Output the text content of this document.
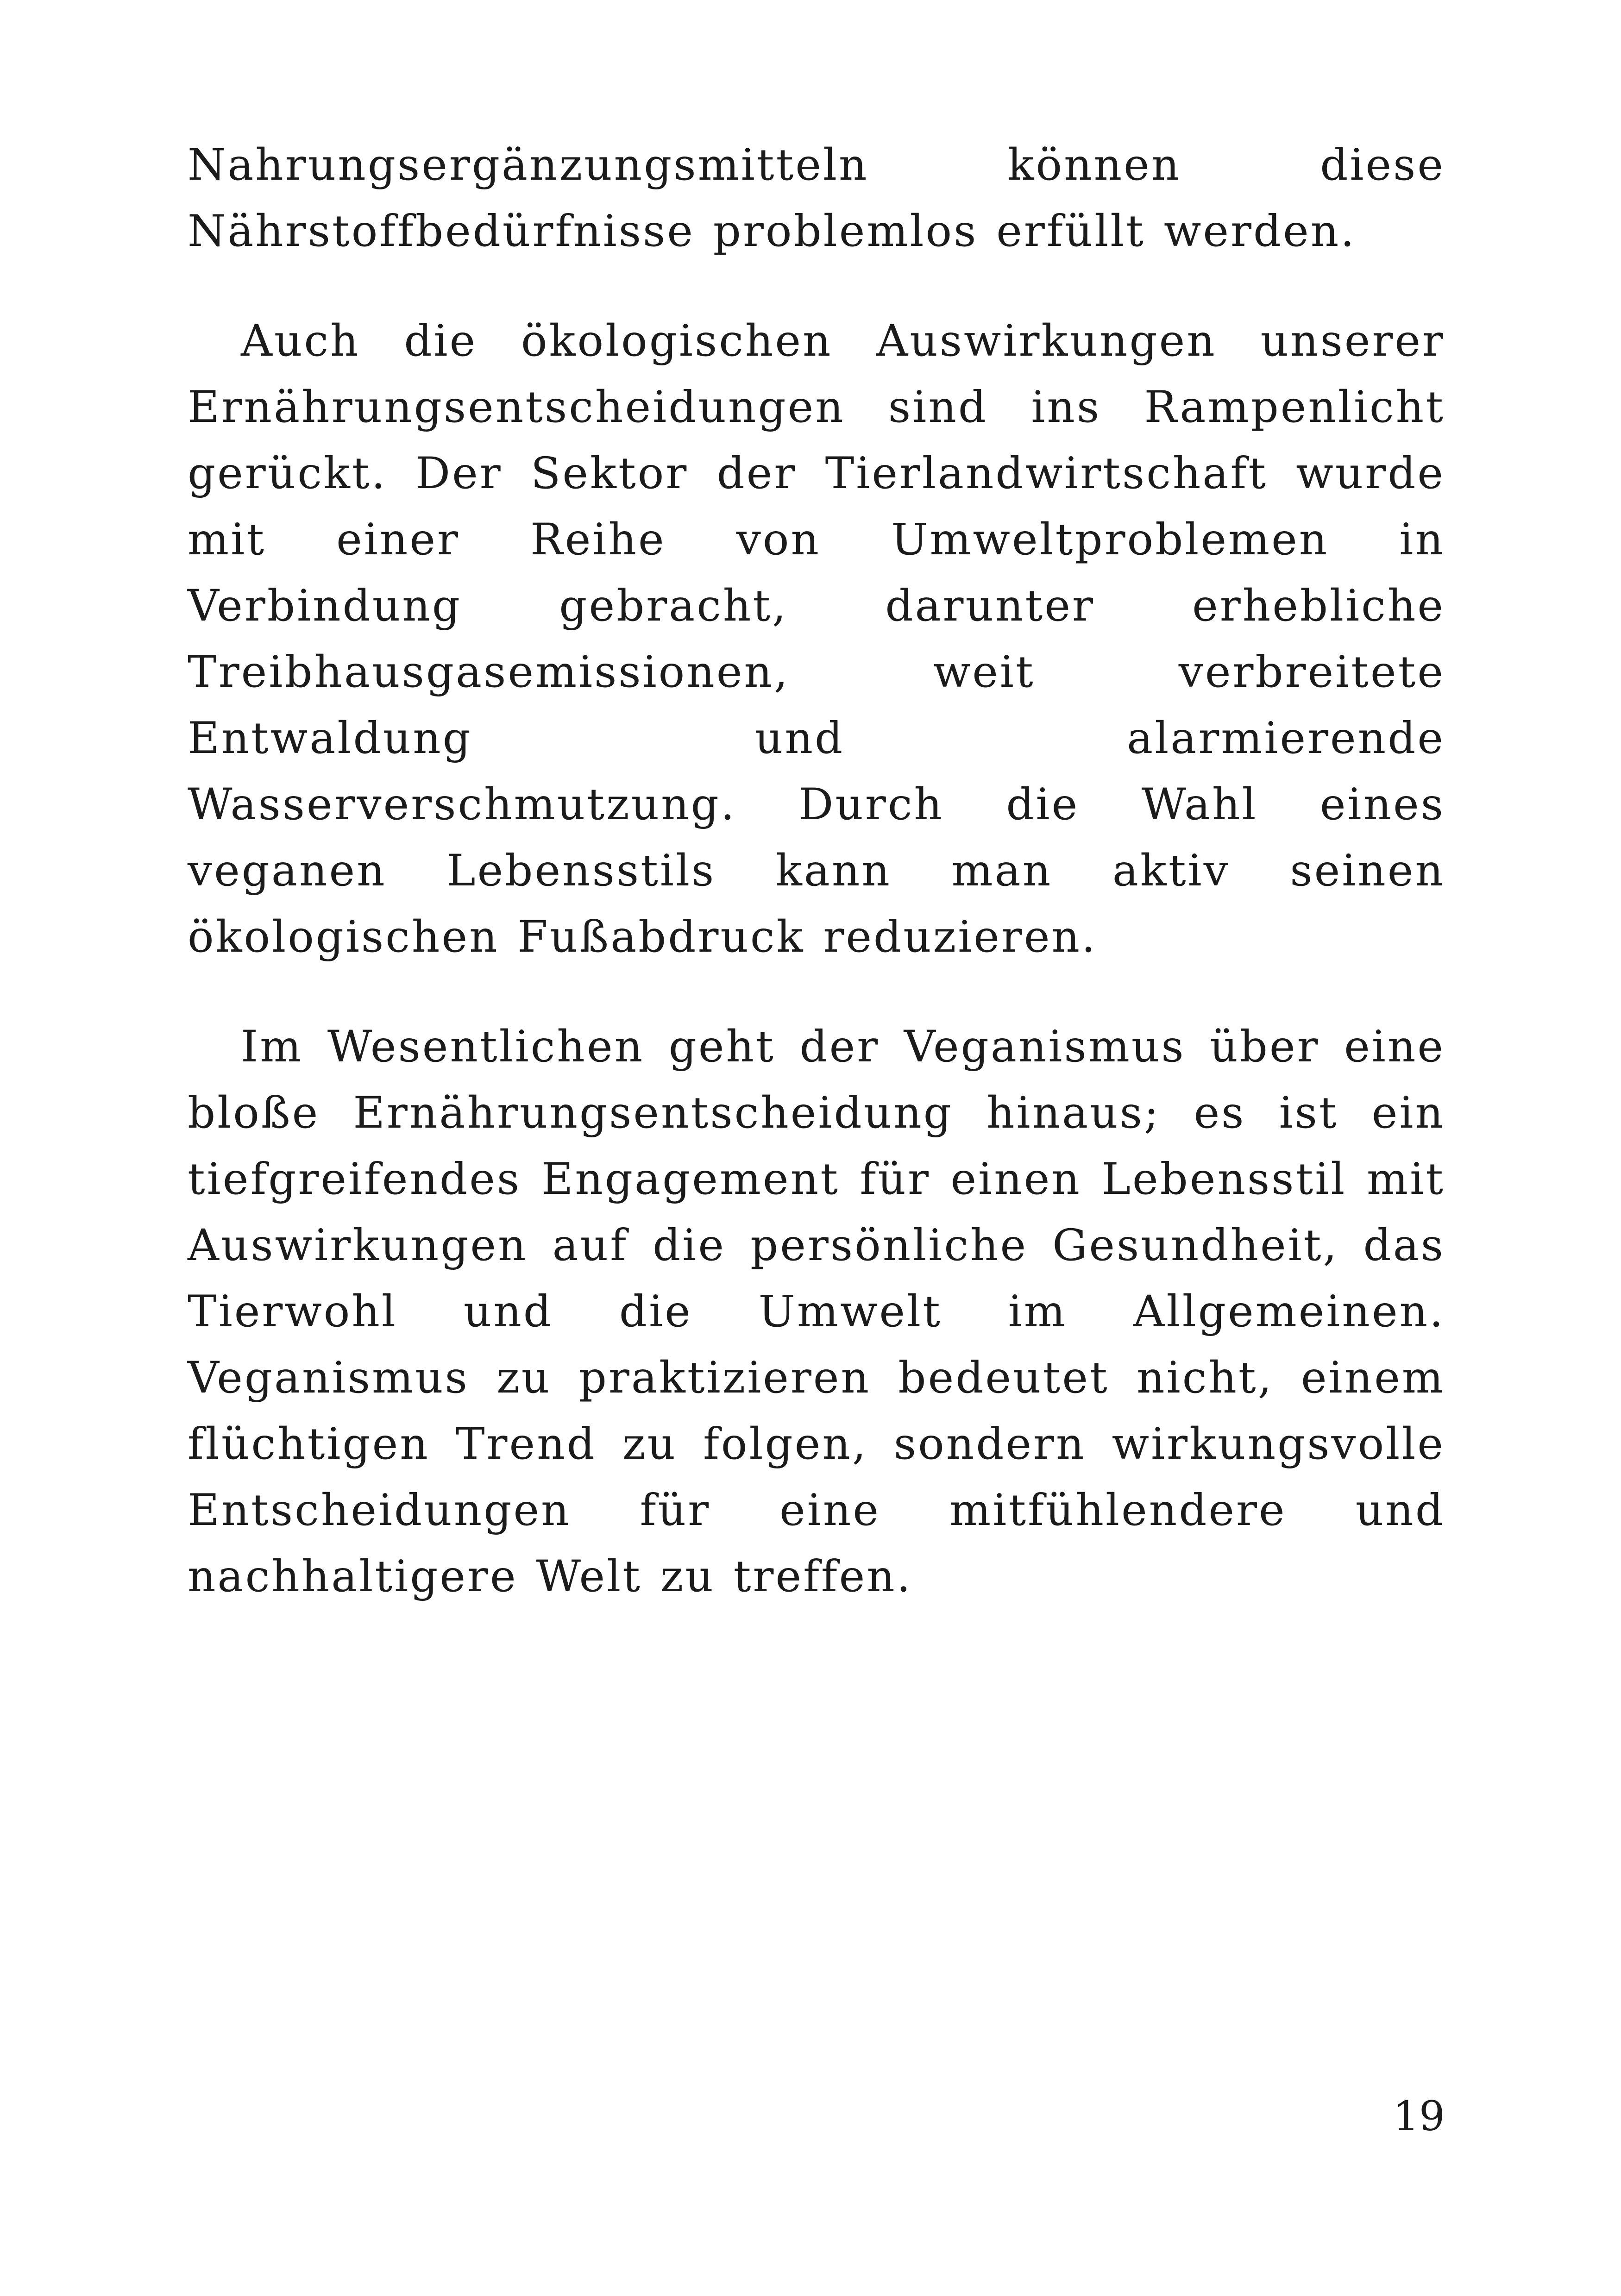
Nahrungsergänzungsmitteln können diese Nährstoffbedürfnisse problemlos erfüllt werden.

Auch die ökologischen Auswirkungen unserer Ernährungsentscheidungen sind ins Rampenlicht gerückt. Der Sektor der Tierlandwirtschaft wurde mit einer Reihe von Umweltproblemen in Verbindung gebracht, darunter erhebliche Treibhausgasemissionen, weit verbreitete Entwaldung und alarmierende Wasserverschmutzung. Durch die Wahl eines veganen Lebensstils kann man aktiv seinen ökologischen Fußabdruck reduzieren.

Im Wesentlichen geht der Veganismus über eine bloße Ernährungsentscheidung hinaus; es ist ein tiefgreifendes Engagement für einen Lebensstil mit Auswirkungen auf die persönliche Gesundheit, das Tierwohl und die Umwelt im Allgemeinen. Veganismus zu praktizieren bedeutet nicht, einem flüchtigen Trend zu folgen, sondern wirkungsvolle Entscheidungen für eine mitfühlendere und nachhaltigere Welt zu treffen.

19
